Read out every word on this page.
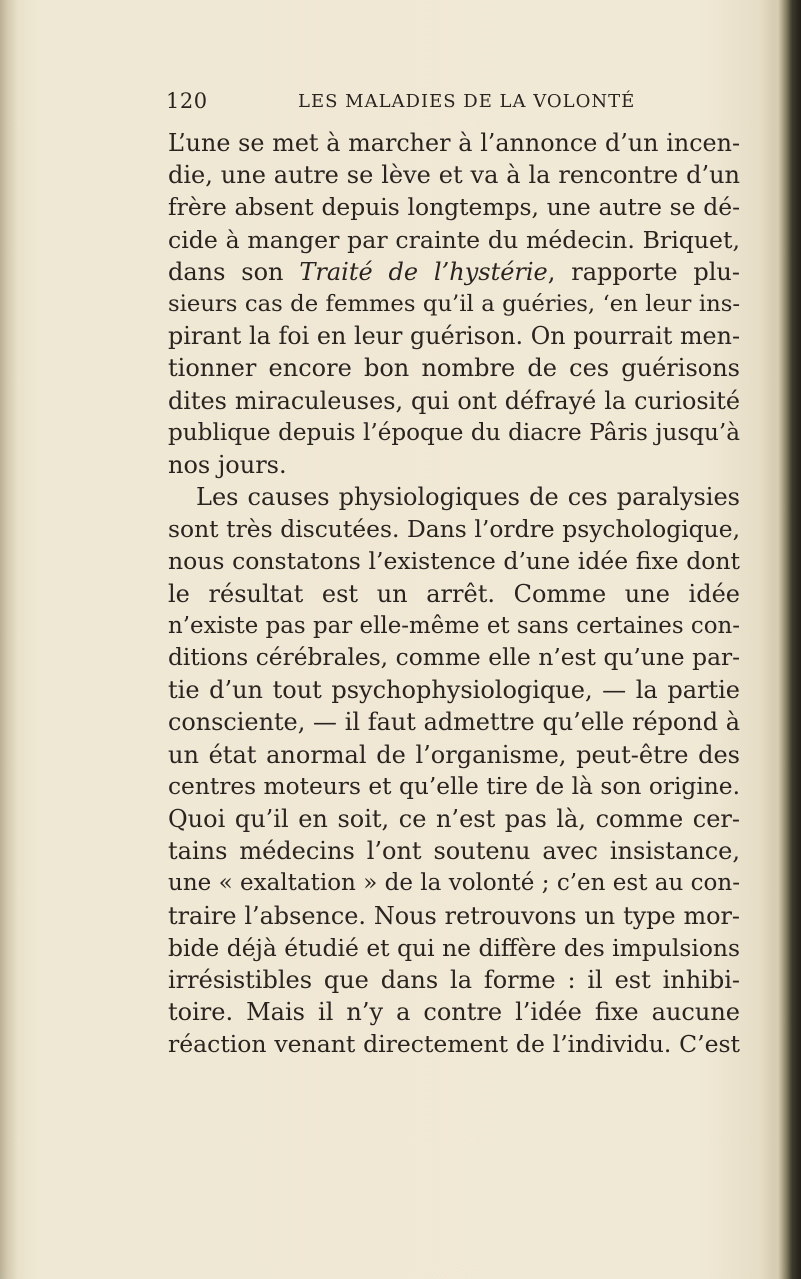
120	LES MALADIES DE LA VOLONTÉ
L’une se met à marcher à l’annonce d’un incen-
die, une autre se lève et va à la rencontre d’un
frère absent depuis longtemps, une autre se dé-
cide à manger par crainte du médecin. Briquet,
dans son Traité de l’hystérie, rapporte plu-
sieurs cas de femmes qu’il a guéries, ‘en leur ins-
pirant la foi en leur guérison. On pourrait men-
tionner encore bon nombre de ces guérisons
dites miraculeuses, qui ont défrayé la curiosité
publique depuis l’époque du diacre Pâris jusqu’à
nos jours.
Les causes physiologiques de ces paralysies
sont très discutées. Dans l’ordre psychologique,
nous constatons l’existence d’une idée fixe dont
le résultat est un arrêt. Comme une idée
n’existe pas par elle-même et sans certaines con-
ditions cérébrales, comme elle n’est qu’une par-
tie d’un tout psychophysiologique, — la partie
consciente, — il faut admettre qu’elle répond à
un état anormal de l’organisme, peut-être des
centres moteurs et qu’elle tire de là son origine.
Quoi qu’il en soit, ce n’est pas là, comme cer-
tains médecins l’ont soutenu avec insistance,
une « exaltation » de la volonté ; c’en est au con-
traire l’absence. Nous retrouvons un type mor-
bide déjà étudié et qui ne diffère des impulsions
irrésistibles que dans la forme : il est inhibi-
toire. Mais il n’y a contre l’idée fixe aucune
réaction venant directement de l’individu. C’est
